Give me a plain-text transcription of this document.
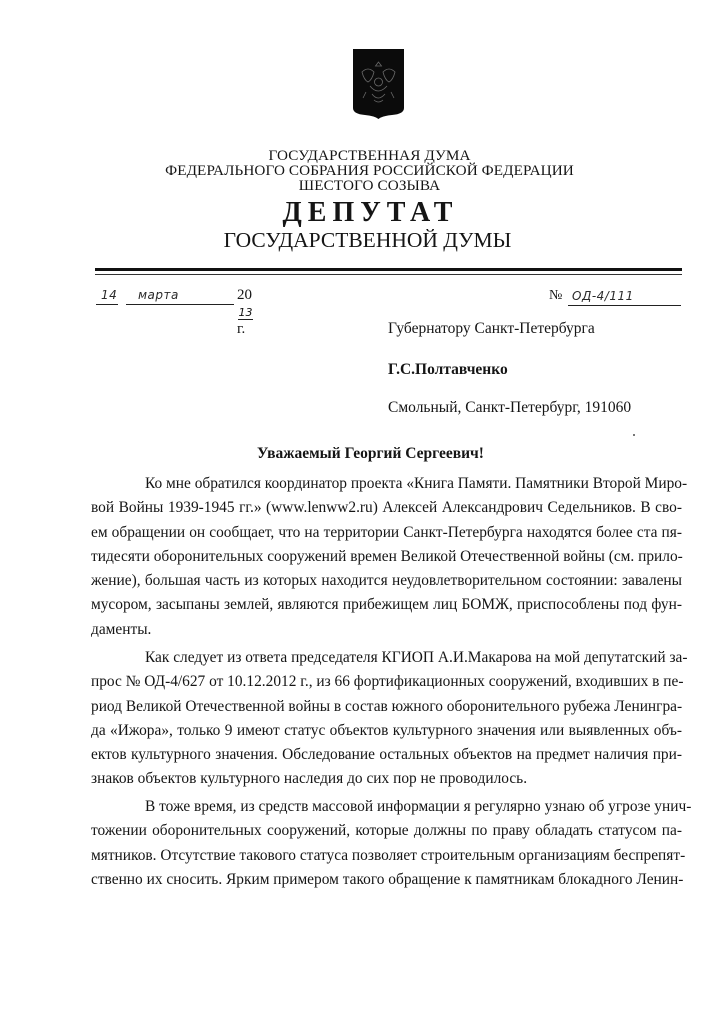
ГОСУДАРСТВЕННАЯ ДУМА
ФЕДЕРАЛЬНОГО СОБРАНИЯ РОССИЙСКОЙ ФЕДЕРАЦИИ
ШЕСТОГО СОЗЫВА
ДЕПУТАТ
ГОСУДАРСТВЕННОЙ ДУМЫ
14 марта	2013г.
№ ОД-4/111
Губернатору Санкт-Петербурга
Г.С.Полтавченко
Смольный, Санкт-Петербург, 191060
Уважаемый Георгий Сергеевич!
Ко мне обратился координатор проекта «Книга Памяти. Памятники Второй Миро-
вой Войны 1939-1945 гг.» (www.lenww2.ru) Алексей Александрович Седельников. В сво-
ем обращении он сообщает, что на территории Санкт-Петербурга находятся более ста пя-
тидесяти оборонительных сооружений времен Великой Отечественной войны (см. прило-
жение), большая часть из которых находится неудовлетворительном состоянии: завалены
мусором, засыпаны землей, являются прибежищем лиц БОМЖ, приспособлены под фун-
даменты.
Как следует из ответа председателя КГИОП А.И.Макарова на мой депутатский за-
прос № ОД-4/627 от 10.12.2012 г., из 66 фортификационных сооружений, входивших в пе-
риод Великой Отечественной войны в состав южного оборонительного рубежа Ленингра-
да «Ижора», только 9 имеют статус объектов культурного значения или выявленных объ-
ектов культурного значения. Обследование остальных объектов на предмет наличия при-
знаков объектов культурного наследия до сих пор не проводилось.
В тоже время, из средств массовой информации я регулярно узнаю об угрозе унич-
тожении оборонительных сооружений, которые должны по праву обладать статусом па-
мятников. Отсутствие такового статуса позволяет строительным организациям беспрепят-
ственно их сносить. Ярким примером такого обращение к памятникам блокадного Ленин-
